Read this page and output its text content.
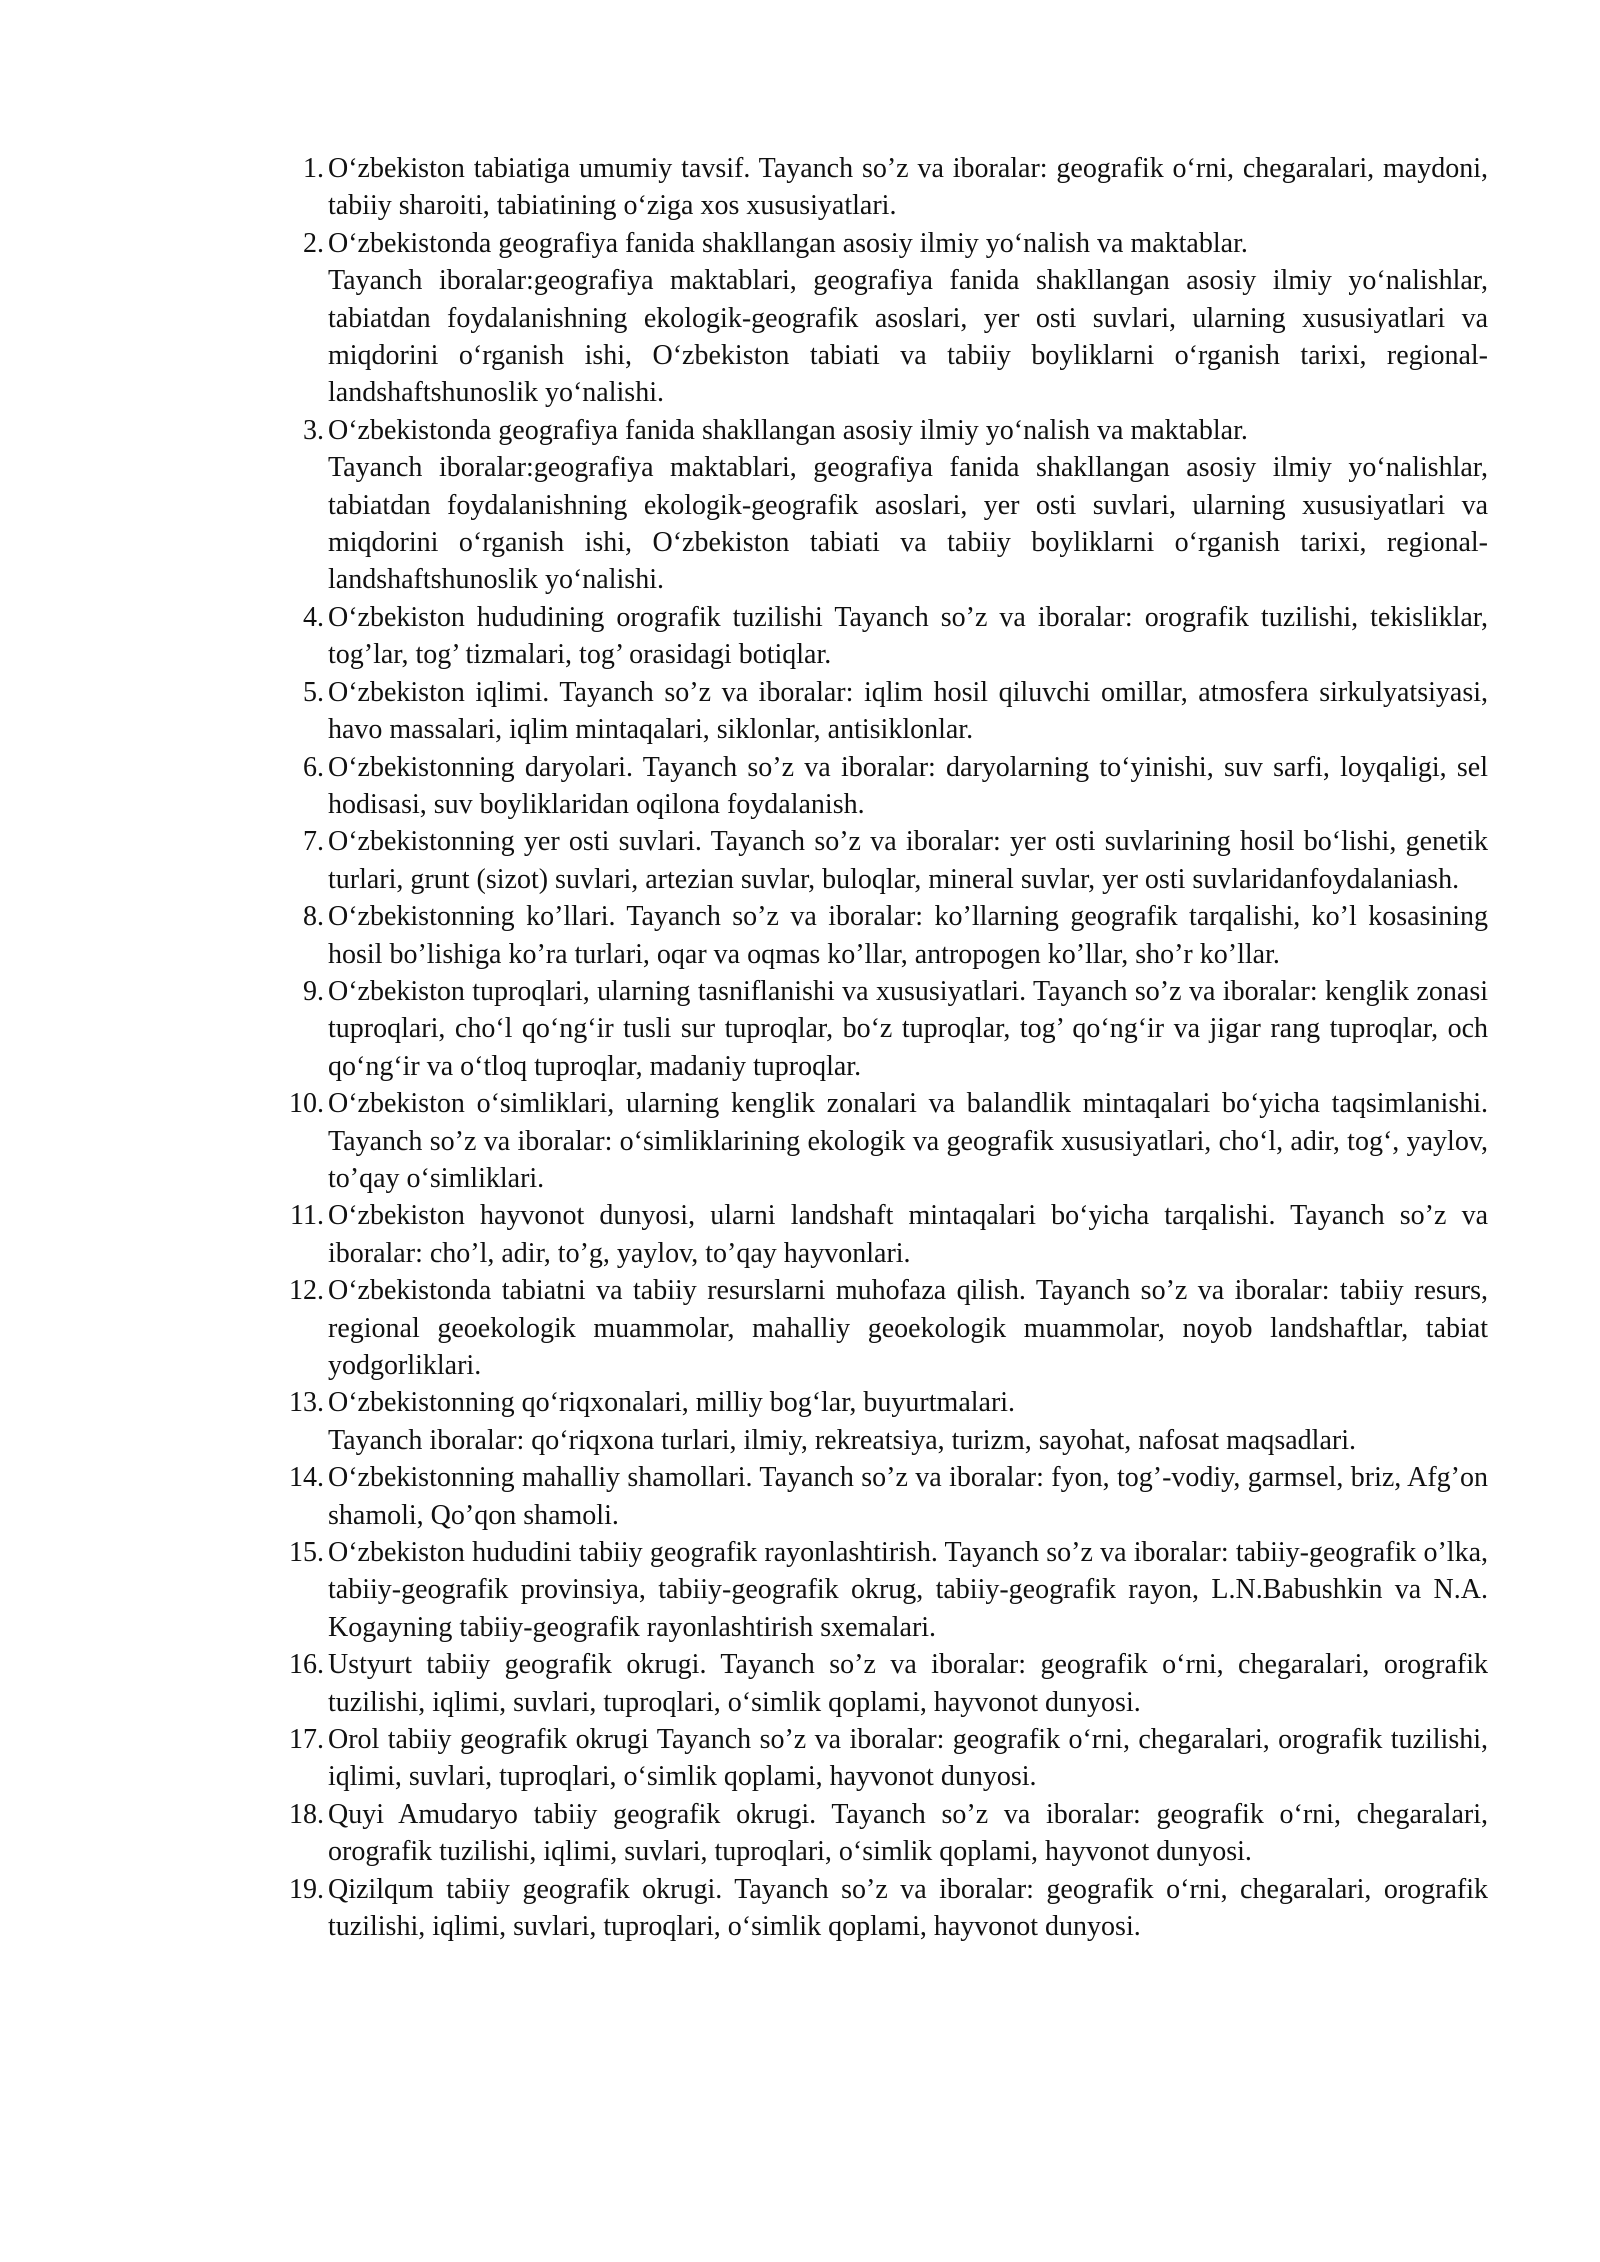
1. O‘zbekiston tabiatiga umumiy tavsif. Tayanch so’z va iboralar: geografik o‘rni, chegaralari, maydoni, tabiiy sharoiti, tabiatining o‘ziga xos xususiyatlari.
2. O‘zbekistonda geografiya fanida shakllangan asosiy ilmiy yo‘nalish va maktablar.
Tayanch iboralar:geografiya maktablari, geografiya fanida shakllangan asosiy ilmiy yo‘nalishlar, tabiatdan foydalanishning ekologik-geografik asoslari, yer osti suvlari, ularning xususiyatlari va miqdorini o‘rganish ishi, O‘zbekiston tabiati va tabiiy boyliklarni o‘rganish tarixi, regional-landshaftshunoslik yo‘nalishi.
3. O‘zbekistonda geografiya fanida shakllangan asosiy ilmiy yo‘nalish va maktablar.
Tayanch iboralar:geografiya maktablari, geografiya fanida shakllangan asosiy ilmiy yo‘nalishlar, tabiatdan foydalanishning ekologik-geografik asoslari, yer osti suvlari, ularning xususiyatlari va miqdorini o‘rganish ishi, O‘zbekiston tabiati va tabiiy boyliklarni o‘rganish tarixi, regional-landshaftshunoslik yo‘nalishi.
4. O‘zbekiston hududining orografik tuzilishi Tayanch so’z va iboralar: orografik tuzilishi, tekisliklar, tog’lar, tog’ tizmalari, tog’ orasidagi botiqlar.
5. O‘zbekiston iqlimi. Tayanch so’z va iboralar: iqlim hosil qiluvchi omillar, atmosfera sirkulyatsiyasi, havo massalari, iqlim mintaqalari, siklonlar, antisiklonlar.
6. O‘zbekistonning daryolari. Tayanch so’z va iboralar: daryolarning to‘yinishi, suv sarfi, loyqaligi, sel hodisasi, suv boyliklaridan oqilona foydalanish.
7. O‘zbekistonning yer osti suvlari. Tayanch so’z va iboralar: yer osti suvlarining hosil bo‘lishi, genetik turlari, grunt (sizot) suvlari, artezian suvlar, buloqlar, mineral suvlar, yer osti suvlaridanfoydalaniash.
8. O‘zbekistonning ko’llari. Tayanch so’z va iboralar: ko’llarning geografik tarqalishi, ko’l kosasining hosil bo’lishiga ko’ra turlari, oqar va oqmas ko’llar, antropogen ko’llar, sho’r ko’llar.
9. O‘zbekiston tuproqlari, ularning tasniflanishi va xususiyatlari. Tayanch so’z va iboralar: kenglik zonasi tuproqlari, cho‘l qo‘ng‘ir tusli sur tuproqlar, bo‘z tuproqlar, tog’ qo‘ng‘ir va jigar rang tuproqlar, och qo‘ng‘ir va o‘tloq tuproqlar, madaniy tuproqlar.
10. O‘zbekiston o‘simliklari, ularning kenglik zonalari va balandlik mintaqalari bo‘yicha taqsimlanishi. Tayanch so’z va iboralar: o‘simliklarining ekologik va geografik xususiyatlari, cho‘l, adir, tog‘, yaylov, to’qay o‘simliklari.
11. O‘zbekiston hayvonot dunyosi, ularni landshaft mintaqalari bo‘yicha tarqalishi. Tayanch so’z va iboralar: cho’l, adir, to’g, yaylov, to’qay hayvonlari.
12. O‘zbekistonda tabiatni va tabiiy resurslarni muhofaza qilish. Tayanch so’z va iboralar: tabiiy resurs, regional geoekologik muammolar, mahalliy geoekologik muammolar, noyob landshaftlar, tabiat yodgorliklari.
13. O‘zbekistonning qo‘riqxonalari, milliy bog‘lar, buyurtmalari.
Tayanch iboralar: qo‘riqxona turlari, ilmiy, rekreatsiya, turizm, sayohat, nafosat maqsadlari.
14. O‘zbekistonning mahalliy shamollari. Tayanch so’z va iboralar: fyon, tog’-vodiy, garmsel, briz, Afg’on shamoli, Qo’qon shamoli.
15. O‘zbekiston hududini tabiiy geografik rayonlashtirish. Tayanch so’z va iboralar: tabiiy-geografik o’lka, tabiiy-geografik provinsiya, tabiiy-geografik okrug, tabiiy-geografik rayon, L.N.Babushkin va N.A. Kogayning tabiiy-geografik rayonlashtirish sxemalari.
16. Ustyurt tabiiy geografik okrugi. Tayanch so’z va iboralar: geografik o‘rni, chegaralari, orografik tuzilishi, iqlimi, suvlari, tuproqlari, o‘simlik qoplami, hayvonot dunyosi.
17. Orol tabiiy geografik okrugi Tayanch so’z va iboralar: geografik o‘rni, chegaralari, orografik tuzilishi, iqlimi, suvlari, tuproqlari, o‘simlik qoplami, hayvonot dunyosi.
18. Quyi Amudaryo tabiiy geografik okrugi. Tayanch so’z va iboralar: geografik o‘rni, chegaralari, orografik tuzilishi, iqlimi, suvlari, tuproqlari, o‘simlik qoplami, hayvonot dunyosi.
19. Qizilqum tabiiy geografik okrugi. Tayanch so’z va iboralar: geografik o‘rni, chegaralari, orografik tuzilishi, iqlimi, suvlari, tuproqlari, o‘simlik qoplami, hayvonot dunyosi.
